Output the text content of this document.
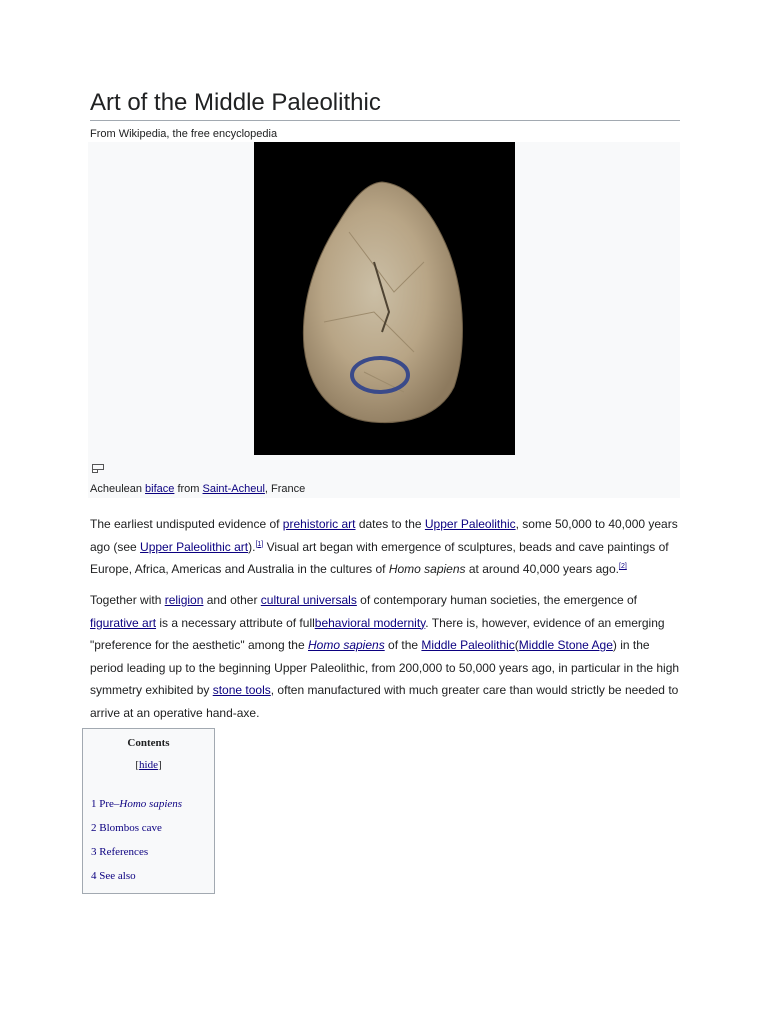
Art of the Middle Paleolithic
From Wikipedia, the free encyclopedia
Acheulean biface from Saint-Acheul, France

The earliest undisputed evidence of prehistoric art dates to the Upper Paleolithic, some 50,000 to 40,000 years ago (see Upper Paleolithic art).[1] Visual art began with emergence of sculptures, beads and cave paintings of Europe, Africa, Americas and Australia in the cultures of Homo sapiens at around 40,000 years ago.[2]

Together with religion and other cultural universals of contemporary human societies, the emergence of figurative art is a necessary attribute of fullbehavioral modernity. There is, however, evidence of an emerging "preference for the aesthetic" among the Homo sapiens of the Middle Paleolithic(Middle Stone Age) in the period leading up to the beginning Upper Paleolithic, from 200,000 to 50,000 years ago, in particular in the high symmetry exhibited by stone tools, often manufactured with much greater care than would strictly be needed to arrive at an operative hand-axe.

Contents
[hide]
1 Pre–Homo sapiens
2 Blombos cave
3 References
4 See also
